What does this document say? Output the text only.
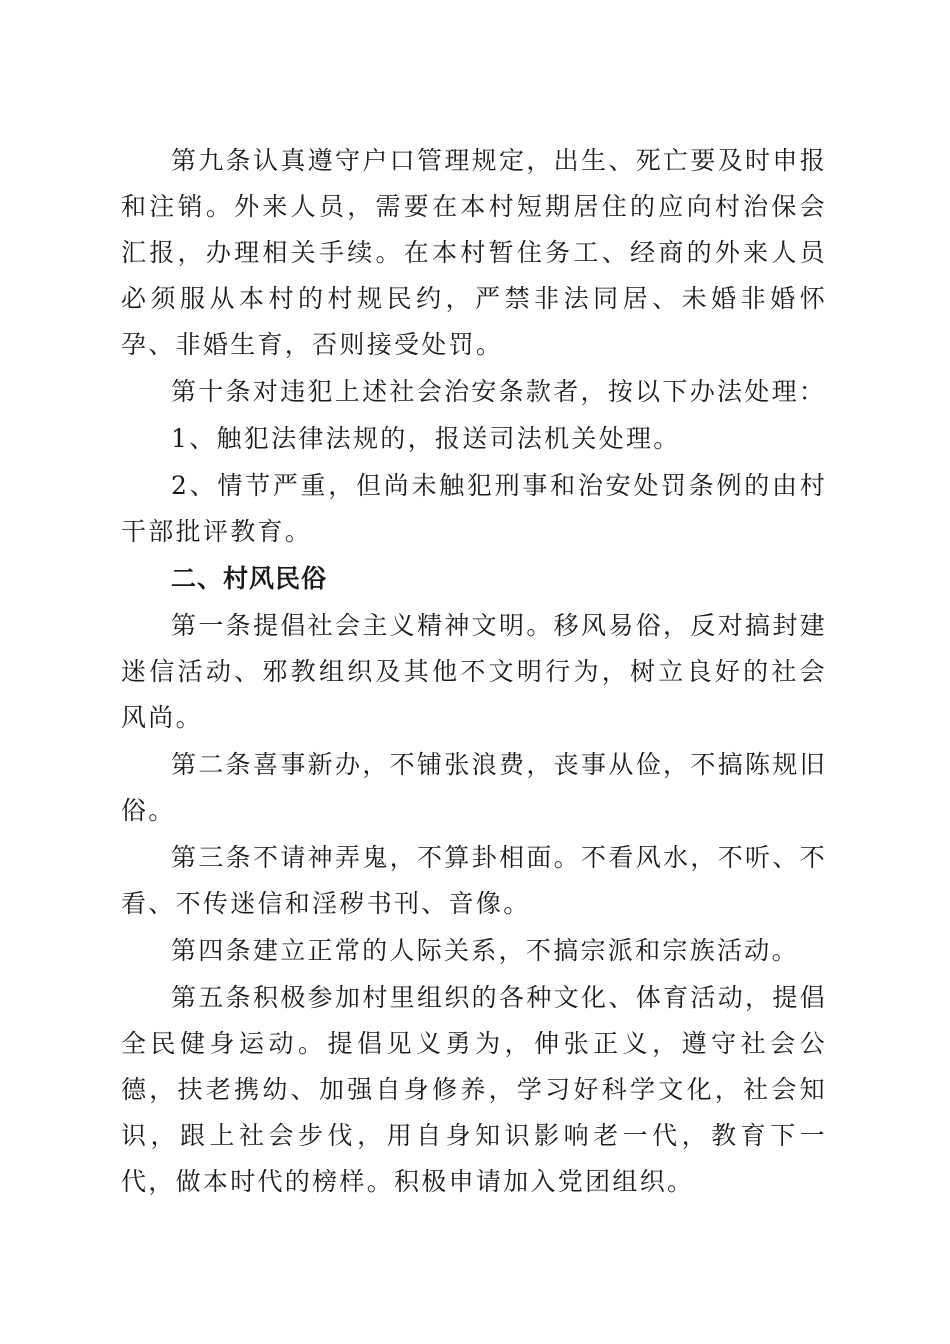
第九条认真遵守户口管理规定，出生、死亡要及时申报和注销。外来人员，需要在本村短期居住的应向村治保会汇报，办理相关手续。在本村暂住务工、经商的外来人员必须服从本村的村规民约，严禁非法同居、未婚非婚怀孕、非婚生育，否则接受处罚。

第十条对违犯上述社会治安条款者，按以下办法处理：

1、触犯法律法规的，报送司法机关处理。

2、情节严重，但尚未触犯刑事和治安处罚条例的由村干部批评教育。

二、村风民俗

第一条提倡社会主义精神文明。移风易俗，反对搞封建迷信活动、邪教组织及其他不文明行为，树立良好的社会风尚。

第二条喜事新办，不铺张浪费，丧事从俭，不搞陈规旧俗。

第三条不请神弄鬼，不算卦相面。不看风水，不听、不看、不传迷信和淫秽书刊、音像。

第四条建立正常的人际关系，不搞宗派和宗族活动。

第五条积极参加村里组织的各种文化、体育活动，提倡全民健身运动。提倡见义勇为，伸张正义，遵守社会公德，扶老携幼、加强自身修养，学习好科学文化，社会知识，跟上社会步伐，用自身知识影响老一代，教育下一代，做本时代的榜样。积极申请加入党团组织。
